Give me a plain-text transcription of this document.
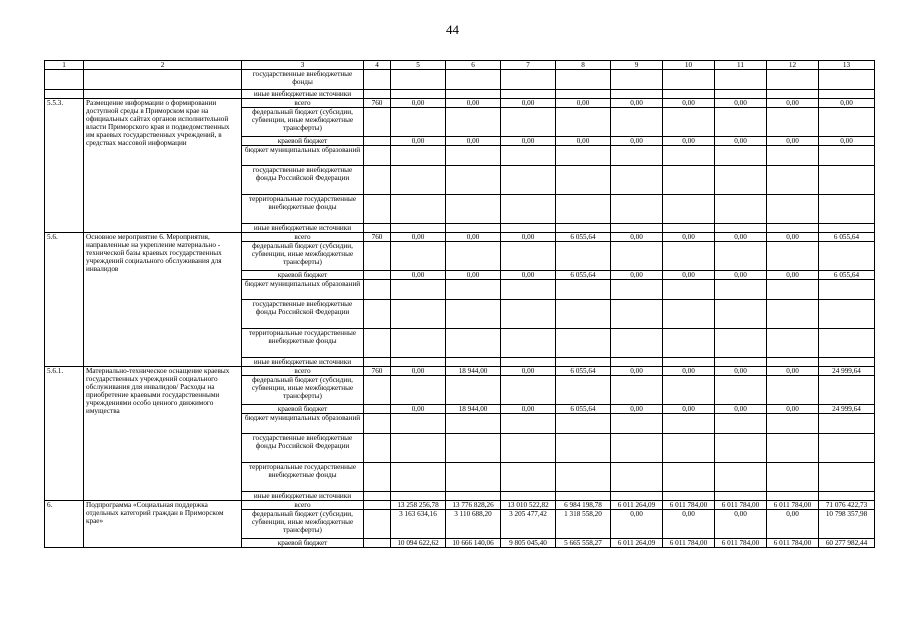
44
1	2	3	4	5	6	7	8	9	10	11	12	13
		государственные внебюджетные фонды										
		иные внебюджетные источники										
5.5.3.	Размещение информации о формировании доступной среды в Приморском крае на официальных сайтах органов исполнительной власти Приморского края и подведомственных им краевых государственных учреждений, в средствах массовой информации	всего	760	0,00	0,00	0,00	0,00	0,00	0,00	0,00	0,00	0,00
		федеральный бюджет (субсидии, субвенции, иные межбюджетные трансферты)										
		краевой бюджет		0,00	0,00	0,00	0,00	0,00	0,00	0,00	0,00	0,00
		бюджет муниципальных образований										
		государственные внебюджетные фонды Российской Федерации										
		территориальные государственные внебюджетные фонды										
		иные внебюджетные источники										
5.6.	Основное мероприятие 6. Мероприятия, направленные на укрепление материально - технической базы краевых государственных учреждений социального обслуживания для инвалидов	всего	760	0,00	0,00	0,00	6 055,64	0,00	0,00	0,00	0,00	6 055,64
		федеральный бюджет (субсидии, субвенции, иные межбюджетные трансферты)										
		краевой бюджет		0,00	0,00	0,00	6 055,64	0,00	0,00	0,00	0,00	6 055,64
		бюджет муниципальных образований										
		государственные внебюджетные фонды Российской Федерации										
		территориальные государственные внебюджетные фонды										
		иные внебюджетные источники										
5.6.1.	Материально-техническое оснащение краевых государственных учреждений социального обслуживания для инвалидов/ Расходы на приобретение краевыми государственными учреждениями особо ценного движимого имущества	всего	760	0,00	18 944,00	0,00	6 055,64	0,00	0,00	0,00	0,00	24 999,64
		федеральный бюджет (субсидии, субвенции, иные межбюджетные трансферты)										
		краевой бюджет		0,00	18 944,00	0,00	6 055,64	0,00	0,00	0,00	0,00	24 999,64
		бюджет муниципальных образований										
		государственные внебюджетные фонды Российской Федерации										
		территориальные государственные внебюджетные фонды										
		иные внебюджетные источники										
6.	Подпрограмма «Социальная поддержка отдельных категорий граждан в Приморском крае»	всего		13 258 256,78	13 776 828,26	13 010 522,82	6 984 198,78	6 011 264,09	6 011 784,00	6 011 784,00	6 011 784,00	71 076 422,73
		федеральный бюджет (субсидии, субвенции, иные межбюджетные трансферты)		3 163 634,16	3 110 688,20	3 205 477,42	1 318 558,20	0,00	0,00	0,00	0,00	10 798 357,98
		краевой бюджет		10 094 622,62	10 666 140,06	9 805 045,40	5 665 558,27	6 011 264,09	6 011 784,00	6 011 784,00	6 011 784,00	60 277 982,44
